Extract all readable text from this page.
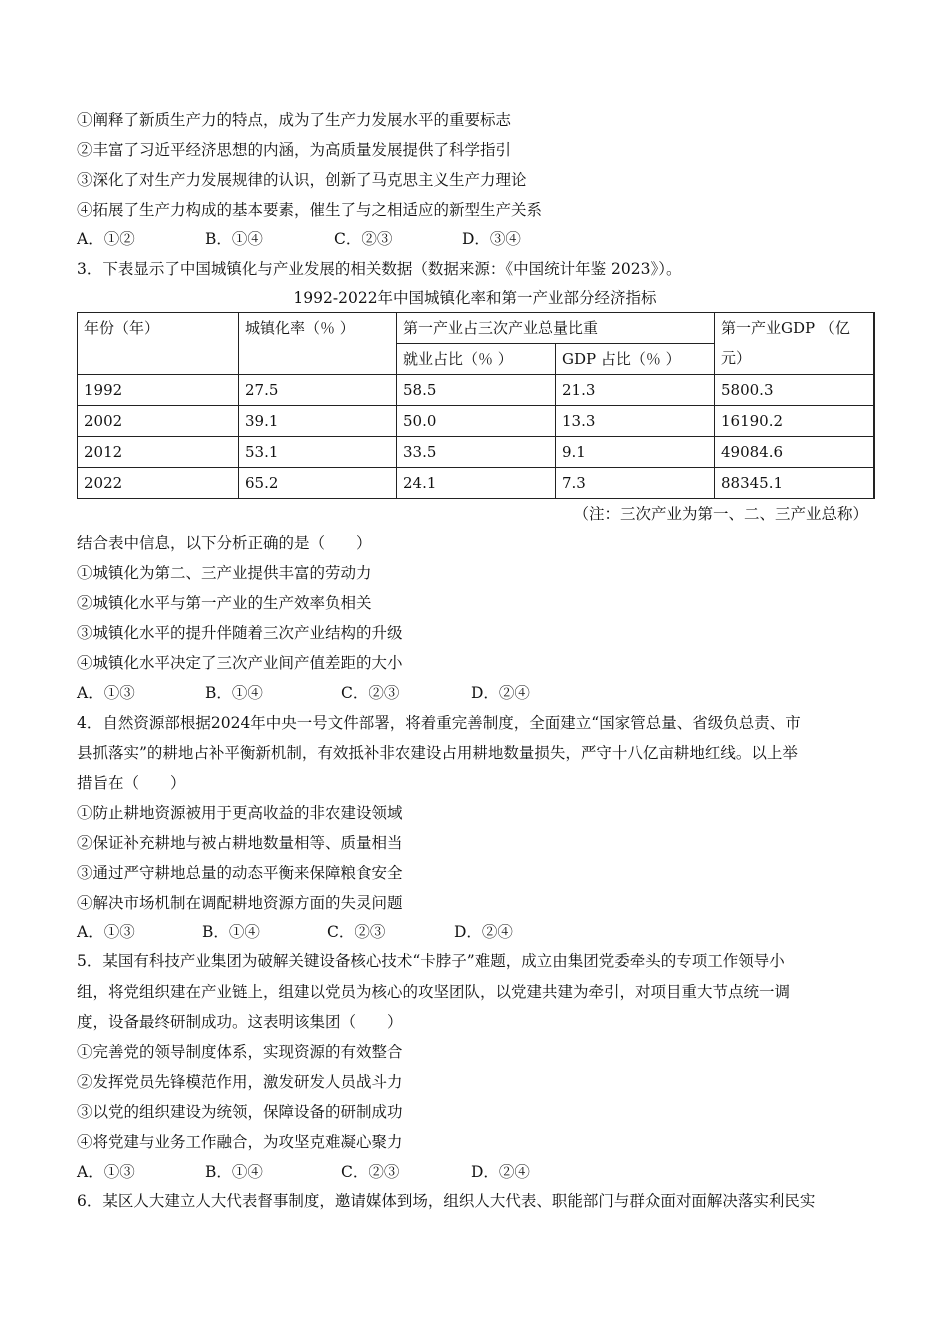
①阐释了新质生产力的特点，成为了生产力发展水平的重要标志
②丰富了习近平经济思想的内涵，为高质量发展提供了科学指引
③深化了对生产力发展规律的认识，创新了马克思主义生产力理论
④拓展了生产力构成的基本要素，催生了与之相适应的新型生产关系
A．①②	B．①④	C．②③	D．③④
3．下表显示了中国城镇化与产业发展的相关数据（数据来源：《中国统计年鉴 2023》）。
1992-2022年中国城镇化率和第一产业部分经济指标
年份（年）	城镇化率（％ ）	第一产业占三次产业总量比重		第一产业GDP （亿
元）

		就业占比（％ ）	GDP 占比（％ ）	
1992	27.5	58.5	21.3	5800.3
2002	39.1	50.0	13.3	16190.2
2012	53.1	33.5	9.1	49084.6
2022	65.2	24.1	7.3	88345.1
（注：三次产业为第一、二、三产业总称）
结合表中信息，以下分析正确的是（　　）
①城镇化为第二、三产业提供丰富的劳动力
②城镇化水平与第一产业的生产效率负相关
③城镇化水平的提升伴随着三次产业结构的升级
④城镇化水平决定了三次产业间产值差距的大小
A．①③	B．①④	C．②③	D．②④
4．自然资源部根据2024年中央一号文件部署，将着重完善制度，全面建立“国家管总量、省级负总责、市
县抓落实”的耕地占补平衡新机制，有效抵补非农建设占用耕地数量损失，严守十八亿亩耕地红线。以上举
措旨在（　　）
①防止耕地资源被用于更高收益的非农建设领域
②保证补充耕地与被占耕地数量相等、质量相当
③通过严守耕地总量的动态平衡来保障粮食安全
④解决市场机制在调配耕地资源方面的失灵问题
A．①③	B．①④	C．②③	D．②④
5．某国有科技产业集团为破解关键设备核心技术“卡脖子”难题，成立由集团党委牵头的专项工作领导小
组，将党组织建在产业链上，组建以党员为核心的攻坚团队，以党建共建为牵引，对项目重大节点统一调
度，设备最终研制成功。这表明该集团（　　）
①完善党的领导制度体系，实现资源的有效整合
②发挥党员先锋模范作用，激发研发人员战斗力
③以党的组织建设为统领，保障设备的研制成功
④将党建与业务工作融合，为攻坚克难凝心聚力
A．①③	B．①④	C．②③	D．②④
6．某区人大建立人大代表督事制度，邀请媒体到场，组织人大代表、职能部门与群众面对面解决落实利民实
